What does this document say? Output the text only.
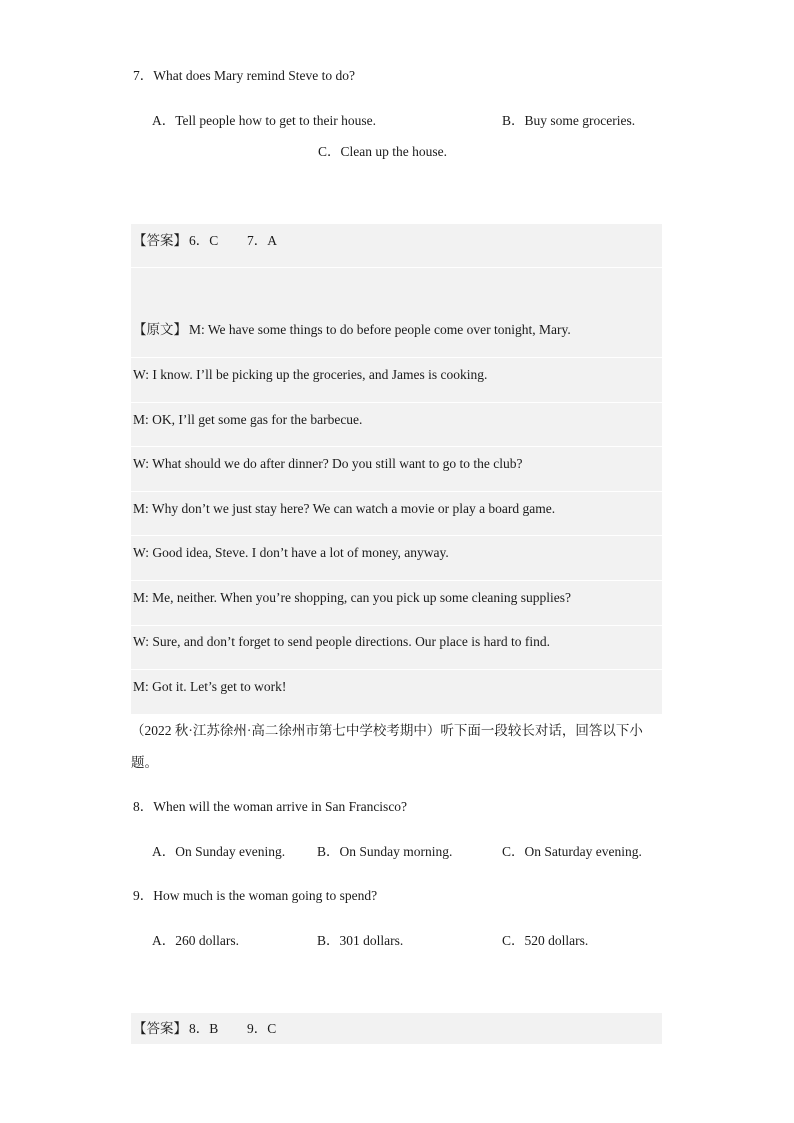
7．What does Mary remind Steve to do?
A．Tell people how to get to their house.	B．Buy some groceries.
C．Clean up the house.
【答案】 6．C 7．A
【原文】 M: We have some things to do before people come over tonight, Mary.
W: I know. I’ll be picking up the groceries, and James is cooking.
M: OK, I’ll get some gas for the barbecue.
W: What should we do after dinner? Do you still want to go to the club?
M: Why don’t we just stay here? We can watch a movie or play a board game.
W: Good idea, Steve. I don’t have a lot of money, anyway.
M: Me, neither. When you’re shopping, can you pick up some cleaning supplies?
W: Sure, and don’t forget to send people directions. Our place is hard to find.
M: Got it. Let’s get to work!
（2022 秋·江苏徐州·高二徐州市第七中学校考期中）听下面一段较长对话，回答以下小
题。
8．When will the woman arrive in San Francisco?
A．On Sunday evening. B．On Sunday morning.	C．On Saturday evening.
9．How much is the woman going to spend?
A．260 dollars.	B．301 dollars.	C．520 dollars.
【答案】 8．B 9．C
